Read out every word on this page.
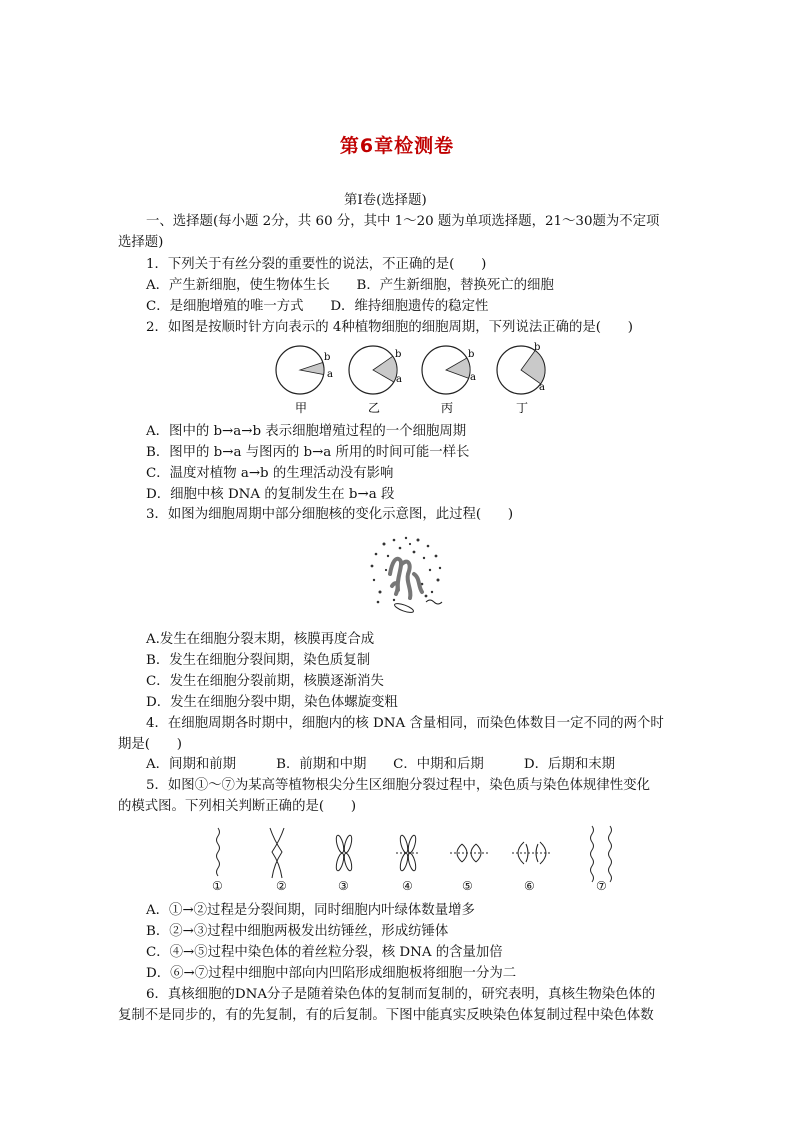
第6章检测卷
第Ⅰ卷(选择题)
一、选择题(每小题 2分，共 60 分，其中 1～20 题为单项选择题，21～30题为不定项
选择题)
1．下列关于有丝分裂的重要性的说法，不正确的是(　　)
A．产生新细胞，使生物体生长　　B．产生新细胞，替换死亡的细胞
C．是细胞增殖的唯一方式　　D．维持细胞遗传的稳定性
2．如图是按顺时针方向表示的 4种植物细胞的细胞周期，下列说法正确的是(　　)
b
a
甲
b
a
乙
b
a
丙
b
a
丁
A．图中的 b→a→b 表示细胞增殖过程的一个细胞周期
B．图甲的 b→a 与图丙的 b→a 所用的时间可能一样长
C．温度对植物 a→b 的生理活动没有影响
D．细胞中核 DNA 的复制发生在 b→a 段
3．如图为细胞周期中部分细胞核的变化示意图，此过程(　　)
A.发生在细胞分裂末期，核膜再度合成
B．发生在细胞分裂间期，染色质复制
C．发生在细胞分裂前期，核膜逐渐消失
D．发生在细胞分裂中期，染色体螺旋变粗
4．在细胞周期各时期中，细胞内的核 DNA 含量相同，而染色体数目一定不同的两个时
期是(　　)
A．间期和前期　　　B．前期和中期　　C．中期和后期　　　D．后期和末期
5．如图①～⑦为某高等植物根尖分生区细胞分裂过程中，染色质与染色体规律性变化
的模式图。下列相关判断正确的是(　　)
①	②	③	④	⑤	⑥	⑦
A．①→②过程是分裂间期，同时细胞内叶绿体数量增多
B．②→③过程中细胞两极发出纺锤丝，形成纺锤体
C．④→⑤过程中染色体的着丝粒分裂，核 DNA 的含量加倍
D．⑥→⑦过程中细胞中部向内凹陷形成细胞板将细胞一分为二
6．真核细胞的DNA分子是随着染色体的复制而复制的，研究表明，真核生物染色体的
复制不是同步的，有的先复制，有的后复制。下图中能真实反映染色体复制过程中染色体数
